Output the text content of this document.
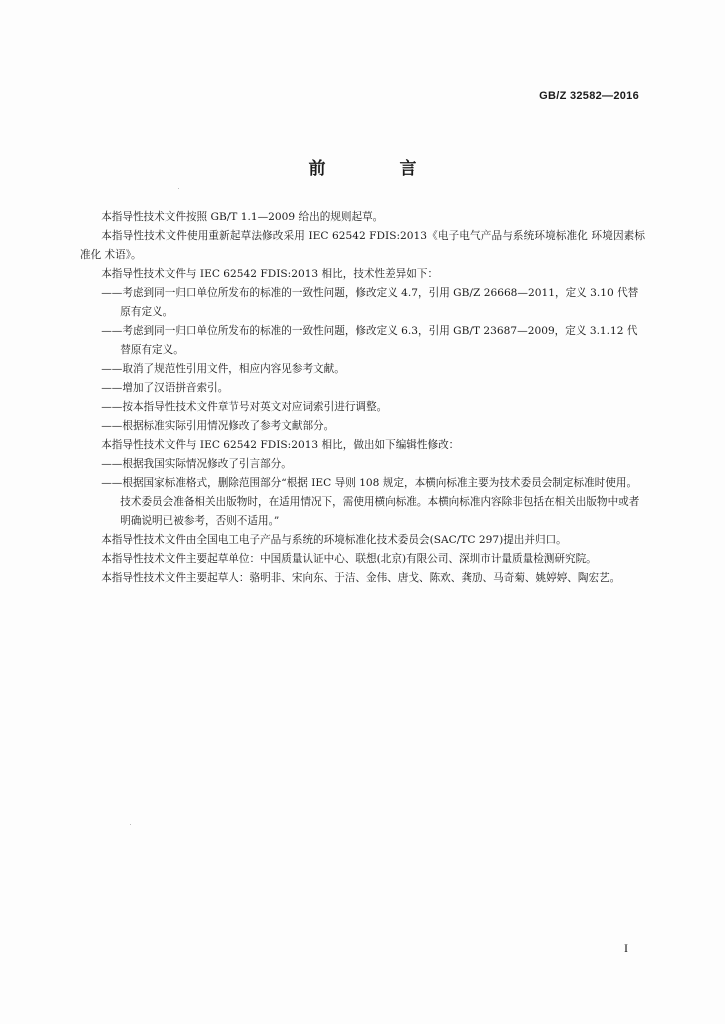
GB/Z 32582—2016
前 言

本指导性技术文件按照 GB/T 1.1—2009 给出的规则起草。

本指导性技术文件使用重新起草法修改采用 IEC 62542 FDIS:2013《电子电气产品与系统环境标准化 环境因素标准化 术语》。

本指导性技术文件与 IEC 62542 FDIS:2013 相比，技术性差异如下：

——考虑到同一归口单位所发布的标准的一致性问题，修改定义 4.7，引用 GB/Z 26668—2011，定义 3.10 代替原有定义。

——考虑到同一归口单位所发布的标准的一致性问题，修改定义 6.3，引用 GB/T 23687—2009，定义 3.1.12 代替原有定义。

——取消了规范性引用文件，相应内容见参考文献。

——增加了汉语拼音索引。

——按本指导性技术文件章节号对英文对应词索引进行调整。

——根据标准实际引用情况修改了参考文献部分。

本指导性技术文件与 IEC 62542 FDIS:2013 相比，做出如下编辑性修改：

——根据我国实际情况修改了引言部分。

——根据国家标准格式，删除范围部分“根据 IEC 导则 108 规定，本横向标准主要为技术委员会制定标准时使用。技术委员会准备相关出版物时，在适用情况下，需使用横向标准。本横向标准内容除非包括在相关出版物中或者明确说明已被参考，否则不适用。”

本指导性技术文件由全国电工电子产品与系统的环境标准化技术委员会(SAC/TC 297)提出并归口。

本指导性技术文件主要起草单位：中国质量认证中心、联想(北京)有限公司、深圳市计量质量检测研究院。

本指导性技术文件主要起草人：骆明非、宋向东、于洁、金伟、唐戈、陈欢、龚劢、马奇菊、姚婷婷、陶宏艺。

I
